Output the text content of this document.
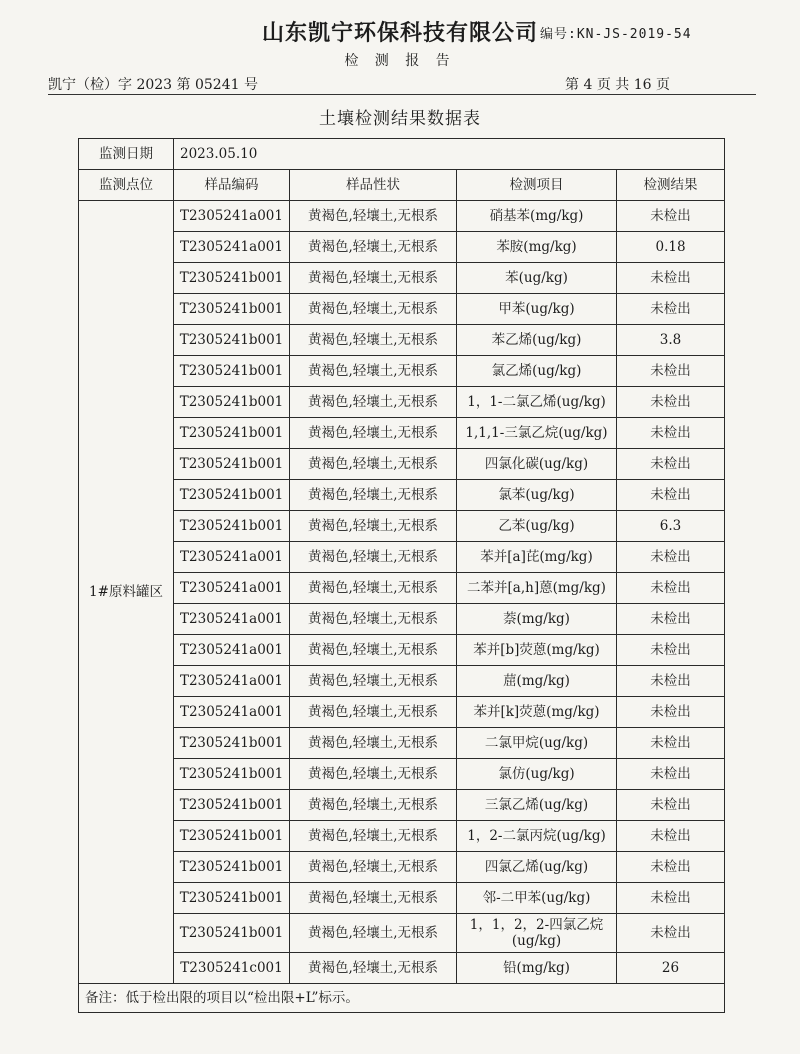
山东凯宁环保科技有限公司 编号:KN-JS-2019-54
检 测 报 告
凯宁（检）字 2023 第 05241 号	第 4 页 共 16 页
土壤检测结果数据表
监测日期	2023.05.10			
监测点位	样品编码	样品性状	检测项目	检测结果
1#原料罐区	T2305241a001	黄褐色,轻壤土,无根系	硝基苯(mg/kg)	未检出
	T2305241a001	黄褐色,轻壤土,无根系	苯胺(mg/kg)	0.18
	T2305241b001	黄褐色,轻壤土,无根系	苯(ug/kg)	未检出
	T2305241b001	黄褐色,轻壤土,无根系	甲苯(ug/kg)	未检出
	T2305241b001	黄褐色,轻壤土,无根系	苯乙烯(ug/kg)	3.8
	T2305241b001	黄褐色,轻壤土,无根系	氯乙烯(ug/kg)	未检出
	T2305241b001	黄褐色,轻壤土,无根系	1，1-二氯乙烯(ug/kg)	未检出
	T2305241b001	黄褐色,轻壤土,无根系	1,1,1-三氯乙烷(ug/kg)	未检出
	T2305241b001	黄褐色,轻壤土,无根系	四氯化碳(ug/kg)	未检出
	T2305241b001	黄褐色,轻壤土,无根系	氯苯(ug/kg)	未检出
	T2305241b001	黄褐色,轻壤土,无根系	乙苯(ug/kg)	6.3
	T2305241a001	黄褐色,轻壤土,无根系	苯并[a]芘(mg/kg)	未检出
	T2305241a001	黄褐色,轻壤土,无根系	二苯并[a,h]蒽(mg/kg)	未检出
	T2305241a001	黄褐色,轻壤土,无根系	萘(mg/kg)	未检出
	T2305241a001	黄褐色,轻壤土,无根系	苯并[b]荧蒽(mg/kg)	未检出
	T2305241a001	黄褐色,轻壤土,无根系	䓛(mg/kg)	未检出
	T2305241a001	黄褐色,轻壤土,无根系	苯并[k]荧蒽(mg/kg)	未检出
	T2305241b001	黄褐色,轻壤土,无根系	二氯甲烷(ug/kg)	未检出
	T2305241b001	黄褐色,轻壤土,无根系	氯仿(ug/kg)	未检出
	T2305241b001	黄褐色,轻壤土,无根系	三氯乙烯(ug/kg)	未检出
	T2305241b001	黄褐色,轻壤土,无根系	1，2-二氯丙烷(ug/kg)	未检出
	T2305241b001	黄褐色,轻壤土,无根系	四氯乙烯(ug/kg)	未检出
	T2305241b001	黄褐色,轻壤土,无根系	邻-二甲苯(ug/kg)	未检出
	T2305241b001	黄褐色,轻壤土,无根系	1，1，2，2-四氯乙烷(ug/kg)	未检出
	T2305241c001	黄褐色,轻壤土,无根系	铅(mg/kg)	26
备注：低于检出限的项目以“检出限+L”标示。				
